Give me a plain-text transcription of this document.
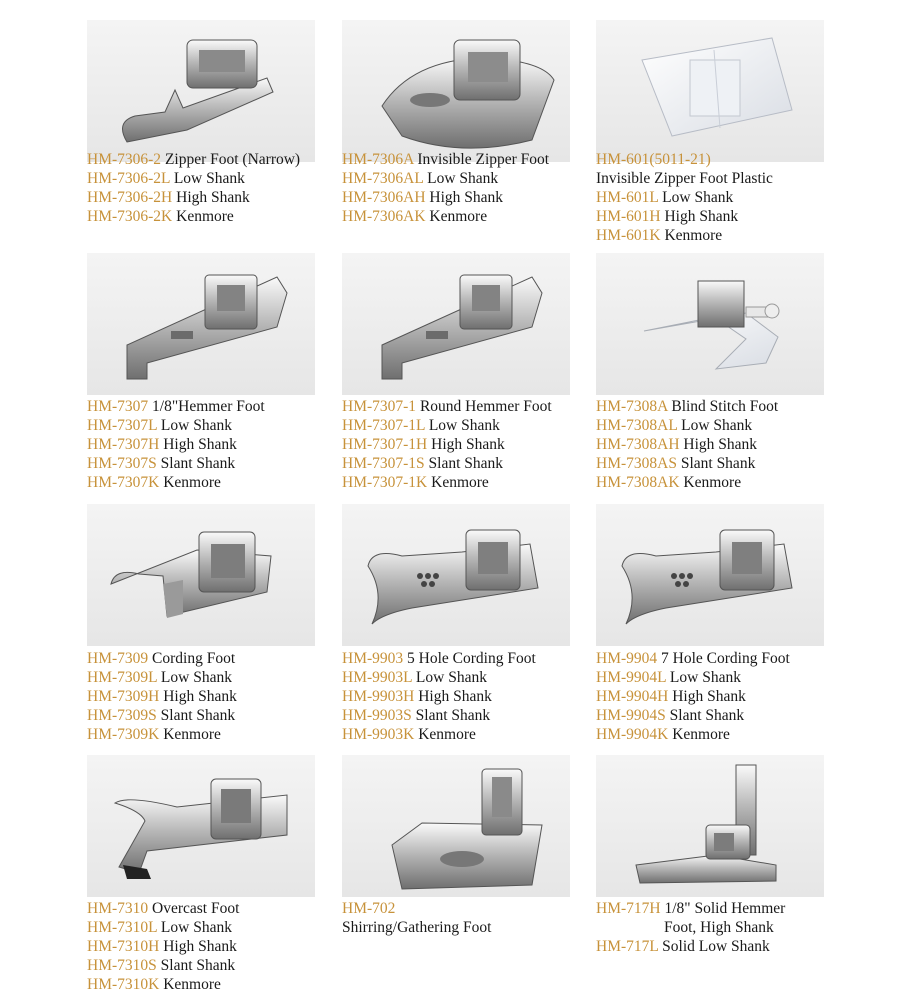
HM-7306-2 Zipper Foot (Narrow)
HM-7306-2L Low Shank
HM-7306-2H High Shank
HM-7306-2K Kenmore
HM-7306A Invisible Zipper Foot
HM-7306AL Low Shank
HM-7306AH High Shank
HM-7306AK Kenmore
HM-601(5011-21)
Invisible Zipper Foot Plastic
HM-601L Low Shank
HM-601H High Shank
HM-601K Kenmore
HM-7307 1/8"Hemmer Foot
HM-7307L Low Shank
HM-7307H High Shank
HM-7307S Slant Shank
HM-7307K Kenmore
HM-7307-1 Round Hemmer Foot
HM-7307-1L Low Shank
HM-7307-1H High Shank
HM-7307-1S Slant Shank
HM-7307-1K Kenmore
HM-7308A Blind Stitch Foot
HM-7308AL Low Shank
HM-7308AH High Shank
HM-7308AS Slant Shank
HM-7308AK Kenmore
HM-7309 Cording Foot
HM-7309L Low Shank
HM-7309H High Shank
HM-7309S Slant Shank
HM-7309K Kenmore
HM-9903 5 Hole Cording Foot
HM-9903L Low Shank
HM-9903H High Shank
HM-9903S Slant Shank
HM-9903K Kenmore
HM-9904 7 Hole Cording Foot
HM-9904L Low Shank
HM-9904H High Shank
HM-9904S Slant Shank
HM-9904K Kenmore
HM-7310 Overcast Foot
HM-7310L Low Shank
HM-7310H High Shank
HM-7310S Slant Shank
HM-7310K Kenmore
HM-702
Shirring/Gathering Foot
HM-717H 1/8" Solid Hemmer
Foot, High Shank
HM-717L Solid Low Shank
